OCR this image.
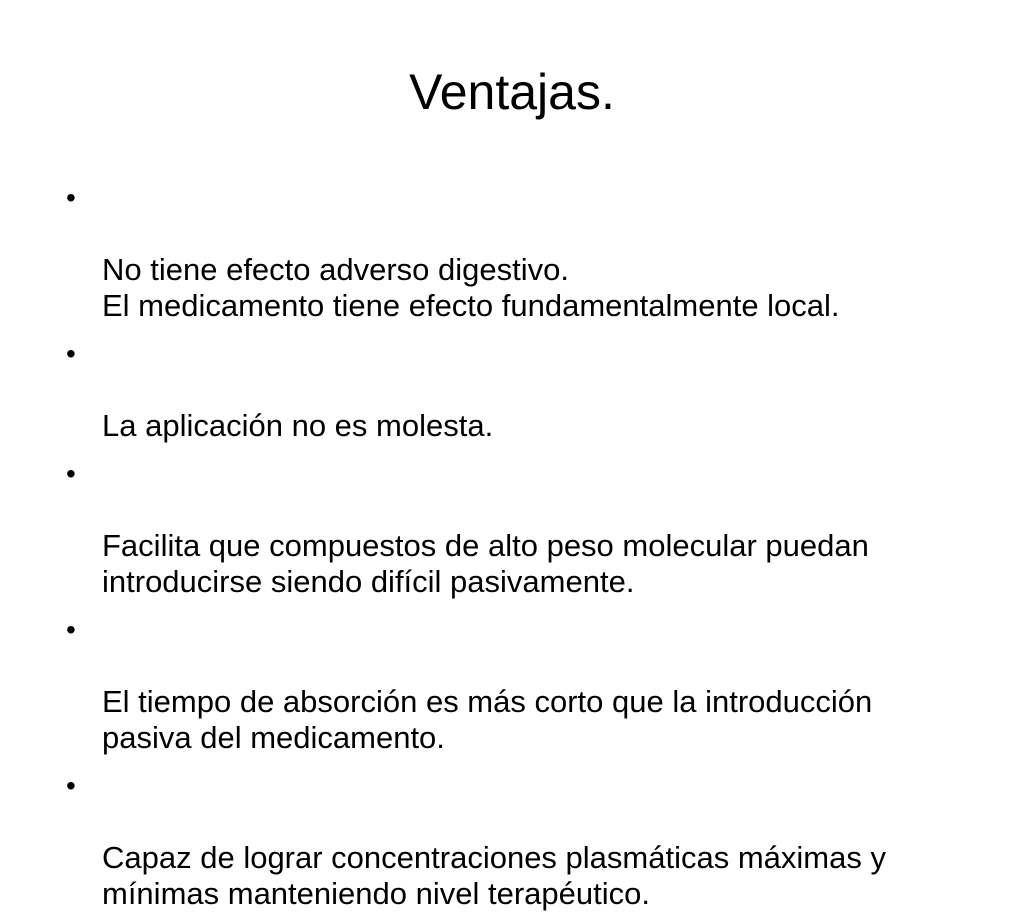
Ventajas.

•

No tiene efecto adverso digestivo.
El medicamento tiene efecto fundamentalmente local.

•

La aplicación no es molesta.

•

Facilita que compuestos de alto peso molecular puedan introducirse siendo difícil pasivamente.

•

El tiempo de absorción es más corto que la introducción pasiva del medicamento.

•

Capaz de lograr concentraciones plasmáticas máximas y mínimas manteniendo nivel terapéutico.
